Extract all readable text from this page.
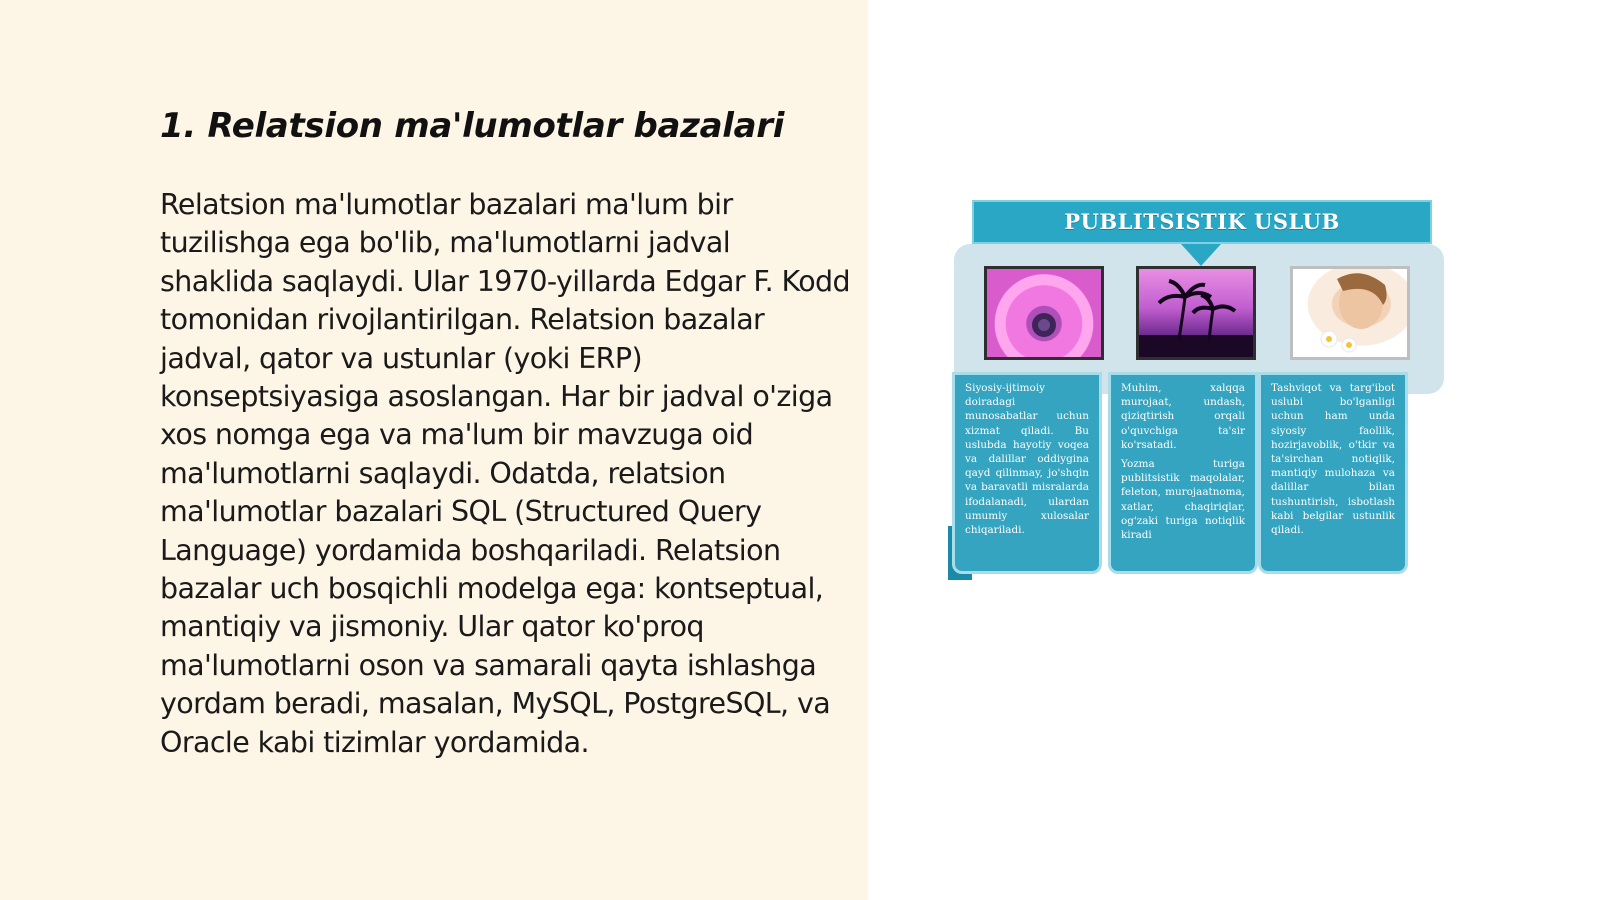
1. Relatsion ma'lumotlar bazalari

Relatsion ma'lumotlar bazalari ma'lum bir tuzilishga ega bo'lib, ma'lumotlarni jadval shaklida saqlaydi. Ular 1970-yillarda Edgar F. Kodd tomonidan rivojlantirilgan. Relatsion bazalar jadval, qator va ustunlar (yoki ERP) konseptsiyasiga asoslangan. Har bir jadval o'ziga xos nomga ega va ma'lum bir mavzuga oid ma'lumotlarni saqlaydi. Odatda, relatsion ma'lumotlar bazalari SQL (Structured Query Language) yordamida boshqariladi. Relatsion bazalar uch bosqichli modelga ega: kontseptual, mantiqiy va jismoniy. Ular qator ko'proq ma'lumotlarni oson va samarali qayta ishlashga yordam beradi, masalan, MySQL, PostgreSQL, va Oracle kabi tizimlar yordamida.

PUBLITSISTIK USLUB

Siyosiy-ijtimoiy doiradagi munosabatlar uchun xizmat qiladi. Bu uslubda hayotiy voqea va dalillar oddiygina qayd qilinmay, jo'shqin va baravatli misralarda ifodalanadi, ulardan umumiy xulosalar chiqariladi.

Muhim, xalqqa murojaat, undash, qiziqtirish orqali o'quvchiga ta'sir ko'rsatadi.

Yozma turiga publitsistik maqolalar, feleton, murojaatnoma, xatlar, chaqiriqlar, og'zaki turiga notiqlik kiradi

Tashviqot va targ'ibot uslubi bo'lganligi uchun ham unda siyosiy faollik, hozirjavoblik, o'tkir va ta'sirchan notiqlik, mantiqiy mulohaza va dalillar bilan tushuntirish, isbotlash kabi belgilar ustunlik qiladi.
